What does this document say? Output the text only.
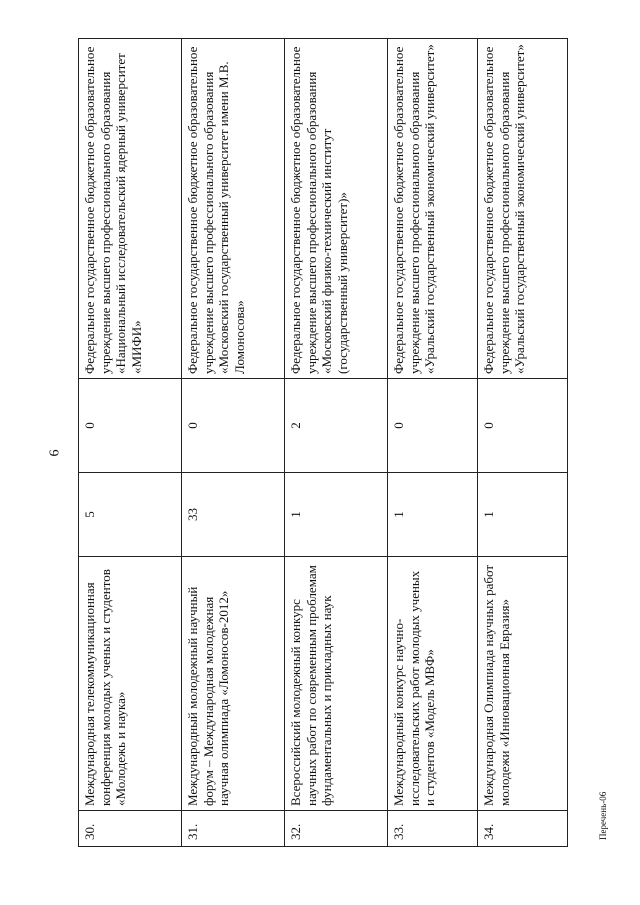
6
30.	Международная телекоммуникационная конференция молодых ученых и студентов «Молодежь и наука»	5	0	Федеральное государственное бюджетное образовательное учреждение высшего профессионального образования «Национальный исследовательский ядерный университет «МИФИ»
31.	Международный молодежный научный форум – Международная молодежная научная олимпиада «Ломоносов-2012»	33	0	Федеральное государственное бюджетное образовательное учреждение высшего профессионального образования «Московский государственный университет имени М.В. Ломоносова»
32.	Всероссийский молодежный конкурс научных работ по современным проблемам фундаментальных и прикладных наук	1	2	Федеральное государственное бюджетное образовательное учреждение высшего профессионального образования «Московский физико-технический институт (государственный университет)»
33.	Международный конкурс научно-исследовательских работ молодых ученых и студентов «Модель МВФ»	1	0	Федеральное государственное бюджетное образовательное учреждение высшего профессионального образования «Уральский государственный экономический университет»
34.	Международная Олимпиада научных работ молодежи «Инновационная Евразия»	1	0	Федеральное государственное бюджетное образовательное учреждение высшего профессионального образования «Уральский государственный экономический университет»
Перечень-06
